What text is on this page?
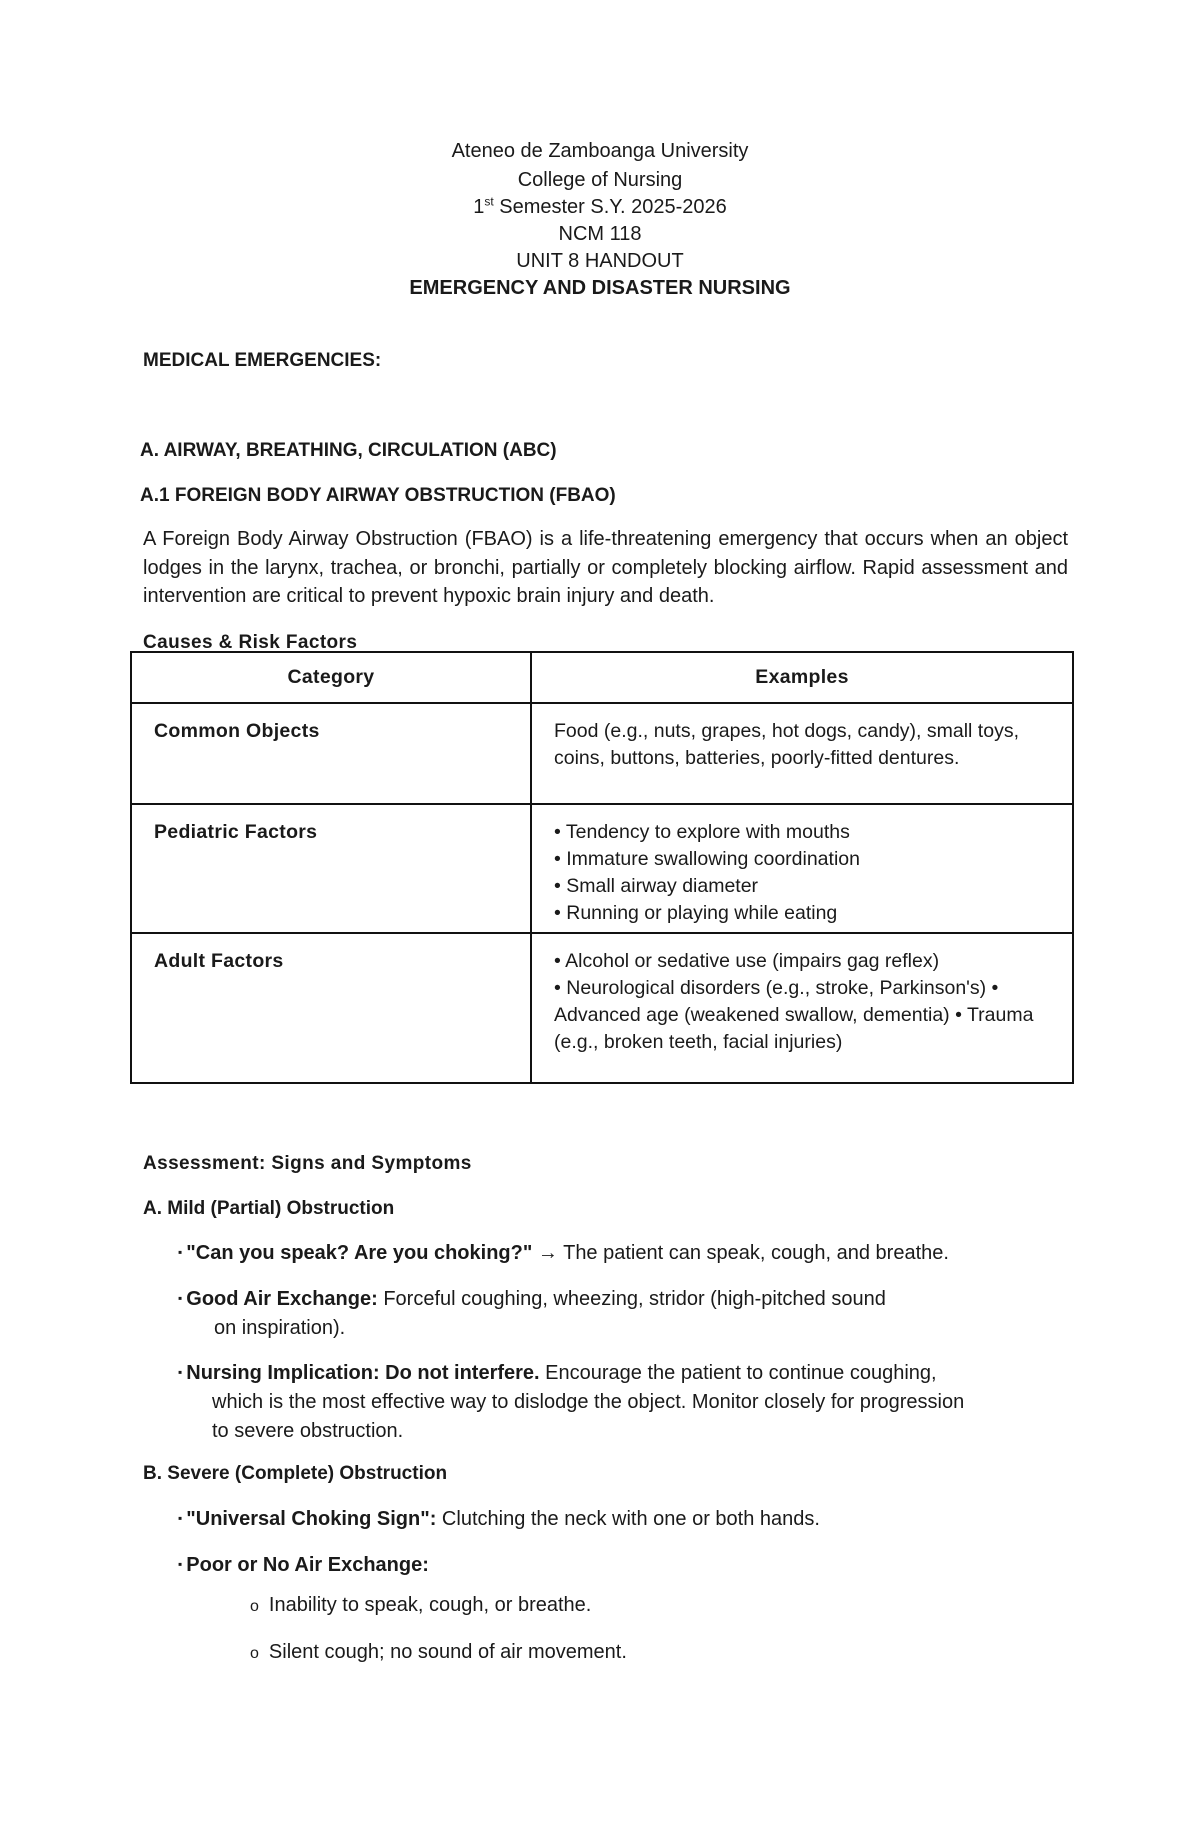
Ateneo de Zamboanga University
College of Nursing
1st Semester S.Y. 2025-2026
NCM 118
UNIT 8 HANDOUT
EMERGENCY AND DISASTER NURSING
MEDICAL EMERGENCIES:
A. AIRWAY, BREATHING, CIRCULATION (ABC)
A.1 FOREIGN BODY AIRWAY OBSTRUCTION (FBAO)
A Foreign Body Airway Obstruction (FBAO) is a life-threatening emergency that occurs when an object lodges in the larynx, trachea, or bronchi, partially or completely blocking airflow. Rapid assessment and intervention are critical to prevent hypoxic brain injury and death.
Causes & Risk Factors
Category	Examples
Common Objects	Food (e.g., nuts, grapes, hot dogs, candy), small toys, coins, buttons, batteries, poorly-fitted dentures.

Pediatric Factors	• Tendency to explore with mouths
• Immature swallowing coordination
• Small airway diameter
• Running or playing while eating

Adult Factors	• Alcohol or sedative use (impairs gag reflex)
• Neurological disorders (e.g., stroke, Parkinson's) • Advanced age (weakened swallow, dementia) • Trauma (e.g., broken teeth, facial injuries)
Assessment: Signs and Symptoms
A. Mild (Partial) Obstruction
▪ "Can you speak? Are you choking?" → The patient can speak, cough, and breathe.
▪ Good Air Exchange: Forceful coughing, wheezing, stridor (high-pitched sound
on inspiration).
▪ Nursing Implication: Do not interfere. Encourage the patient to continue coughing,
which is the most effective way to dislodge the object. Monitor closely for progression
to severe obstruction.
B. Severe (Complete) Obstruction
▪ "Universal Choking Sign": Clutching the neck with one or both hands.
▪ Poor or No Air Exchange:
o Inability to speak, cough, or breathe.
o Silent cough; no sound of air movement.
